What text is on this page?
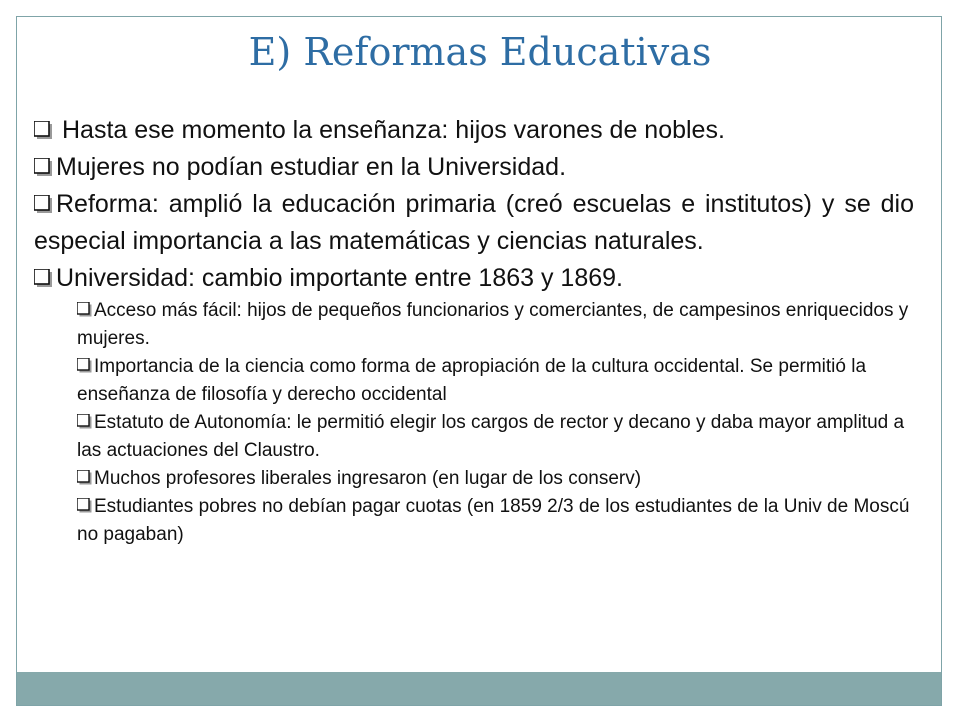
E) Reformas Educativas

Hasta ese momento la enseñanza: hijos varones de nobles.

Mujeres no podían estudiar en la Universidad.

Reforma: amplió la educación primaria (creó escuelas e institutos) y se dio especial importancia a las matemáticas y ciencias naturales.

Universidad: cambio importante entre 1863 y 1869.

Acceso más fácil: hijos de pequeños funcionarios y comerciantes, de campesinos enriquecidos y mujeres.

Importancia de la ciencia como forma de apropiación de la cultura occidental. Se permitió la enseñanza de filosofía y derecho occidental

Estatuto de Autonomía: le permitió elegir los cargos de rector y decano y daba mayor amplitud a las actuaciones del Claustro.

Muchos profesores liberales ingresaron (en lugar de los conserv)

Estudiantes pobres no debían pagar cuotas (en 1859 2/3 de los estudiantes de la Univ de Moscú no pagaban)
